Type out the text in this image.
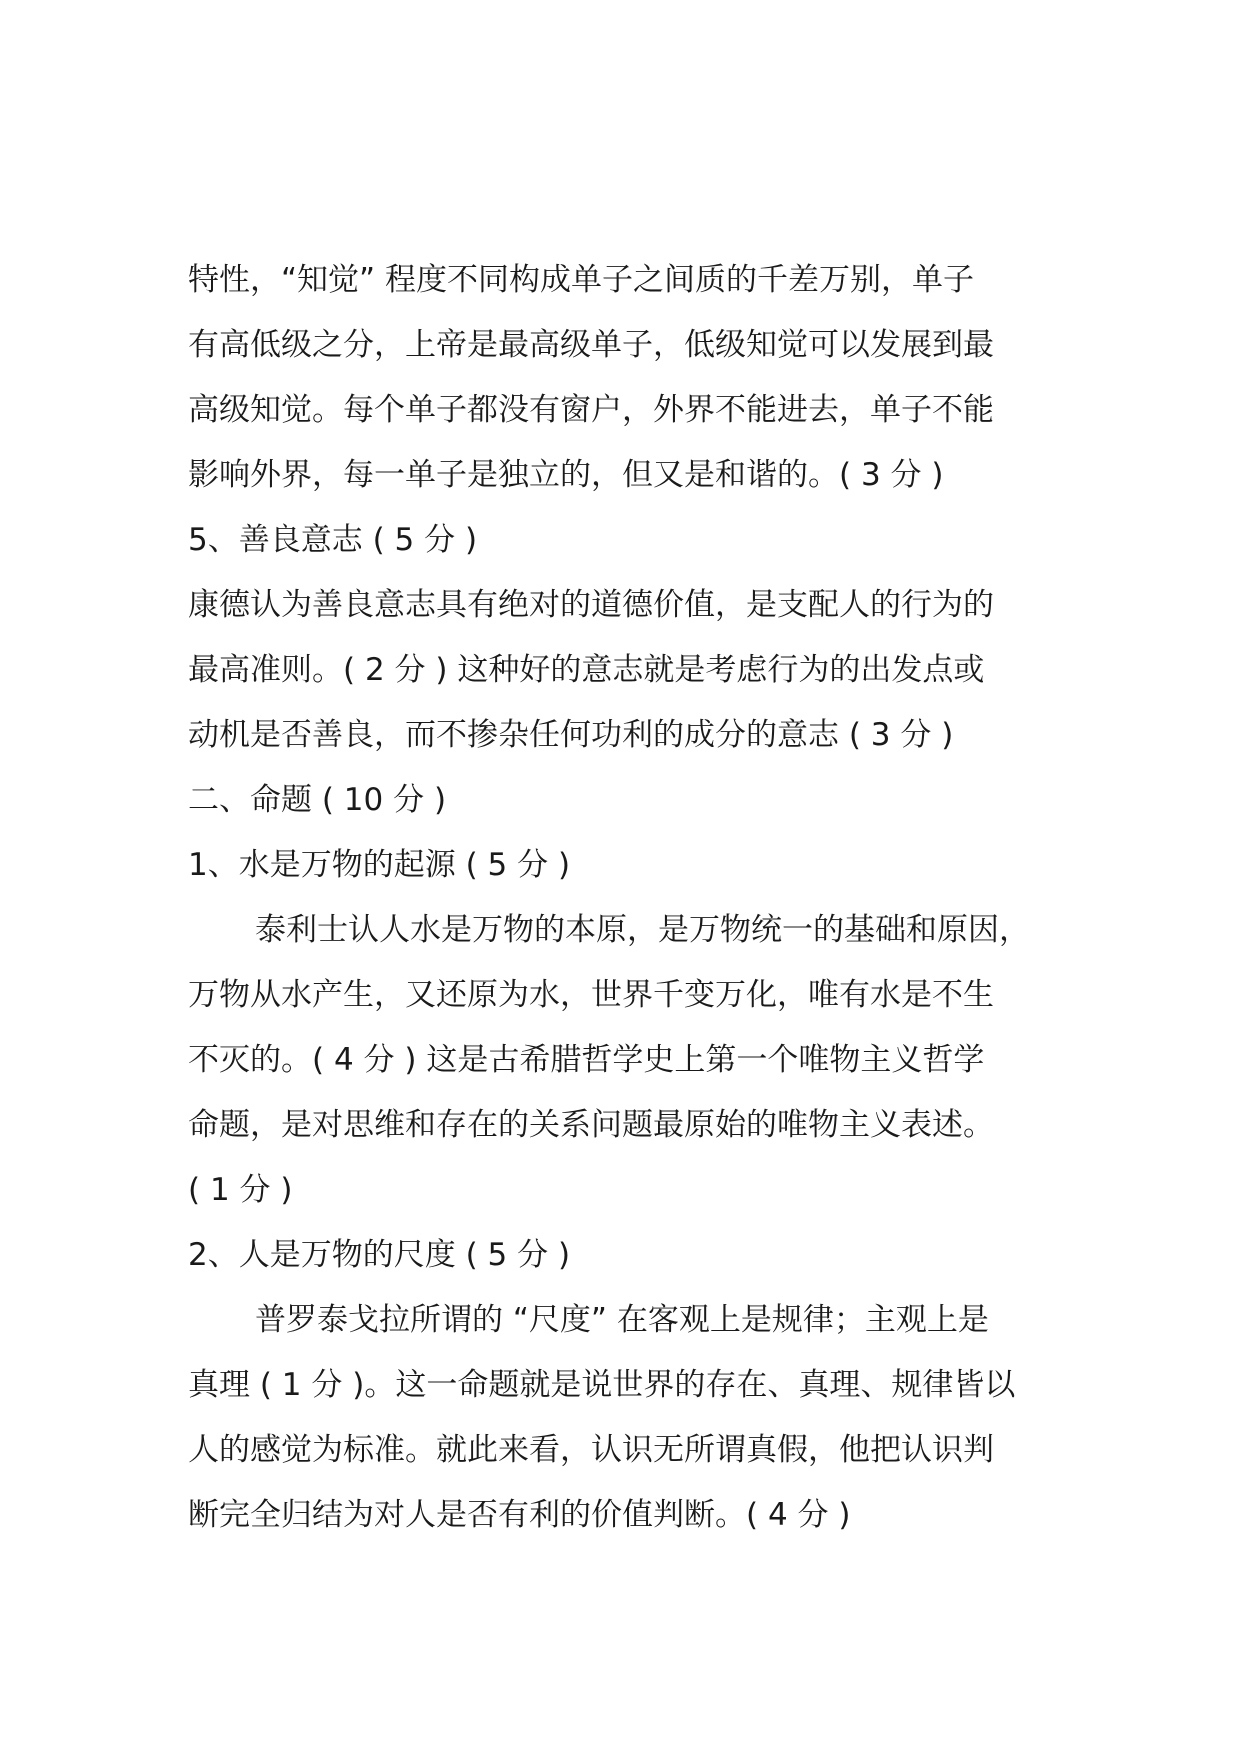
特性，“知觉” 程度不同构成单子之间质的千差万别，单子
有高低级之分，上帝是最高级单子，低级知觉可以发展到最
高级知觉。每个单子都没有窗户，外界不能进去，单子不能
影响外界，每一单子是独立的，但又是和谐的。( 3 分 )
5、善良意志 ( 5 分 )
康德认为善良意志具有绝对的道德价值，是支配人的行为的
最高准则。( 2 分 ) 这种好的意志就是考虑行为的出发点或
动机是否善良，而不掺杂任何功利的成分的意志 ( 3 分 )
二、命题 ( 10 分 )
1、水是万物的起源 ( 5 分 )
泰利士认人水是万物的本原，是万物统一的基础和原因，
万物从水产生，又还原为水，世界千变万化，唯有水是不生
不灭的。( 4 分 ) 这是古希腊哲学史上第一个唯物主义哲学
命题，是对思维和存在的关系问题最原始的唯物主义表述。
( 1 分 )
2、人是万物的尺度 ( 5 分 )
普罗泰戈拉所谓的 “尺度” 在客观上是规律；主观上是
真理 ( 1 分 )。这一命题就是说世界的存在、真理、规律皆以
人的感觉为标准。就此来看，认识无所谓真假，他把认识判
断完全归结为对人是否有利的价值判断。( 4 分 )
